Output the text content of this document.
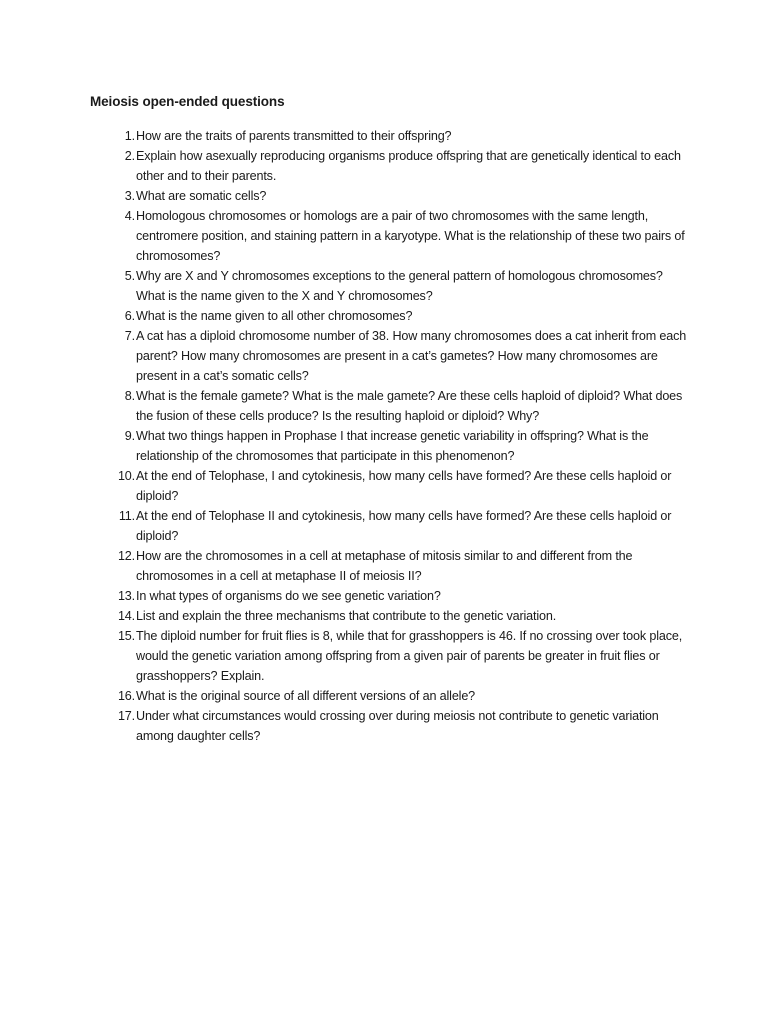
Meiosis open-ended questions
1. How are the traits of parents transmitted to their offspring?
2. Explain how asexually reproducing organisms produce offspring that are genetically identical to each other and to their parents.
3. What are somatic cells?
4. Homologous chromosomes or homologs are a pair of two chromosomes with the same length, centromere position, and staining pattern in a karyotype. What is the relationship of these two pairs of chromosomes?
5. Why are X and Y chromosomes exceptions to the general pattern of homologous chromosomes? What is the name given to the X and Y chromosomes?
6. What is the name given to all other chromosomes?
7. A cat has a diploid chromosome number of 38. How many chromosomes does a cat inherit from each parent? How many chromosomes are present in a cat’s gametes? How many chromosomes are present in a cat’s somatic cells?
8. What is the female gamete? What is the male gamete? Are these cells haploid of diploid? What does the fusion of these cells produce? Is the resulting haploid or diploid? Why?
9. What two things happen in Prophase I that increase genetic variability in offspring? What is the relationship of the chromosomes that participate in this phenomenon?
10. At the end of Telophase, I and cytokinesis, how many cells have formed? Are these cells haploid or diploid?
11. At the end of Telophase II and cytokinesis, how many cells have formed? Are these cells haploid or diploid?
12. How are the chromosomes in a cell at metaphase of mitosis similar to and different from the chromosomes in a cell at metaphase II of meiosis II?
13. In what types of organisms do we see genetic variation?
14. List and explain the three mechanisms that contribute to the genetic variation.
15. The diploid number for fruit flies is 8, while that for grasshoppers is 46. If no crossing over took place, would the genetic variation among offspring from a given pair of parents be greater in fruit flies or grasshoppers? Explain.
16. What is the original source of all different versions of an allele?
17. Under what circumstances would crossing over during meiosis not contribute to genetic variation among daughter cells?
